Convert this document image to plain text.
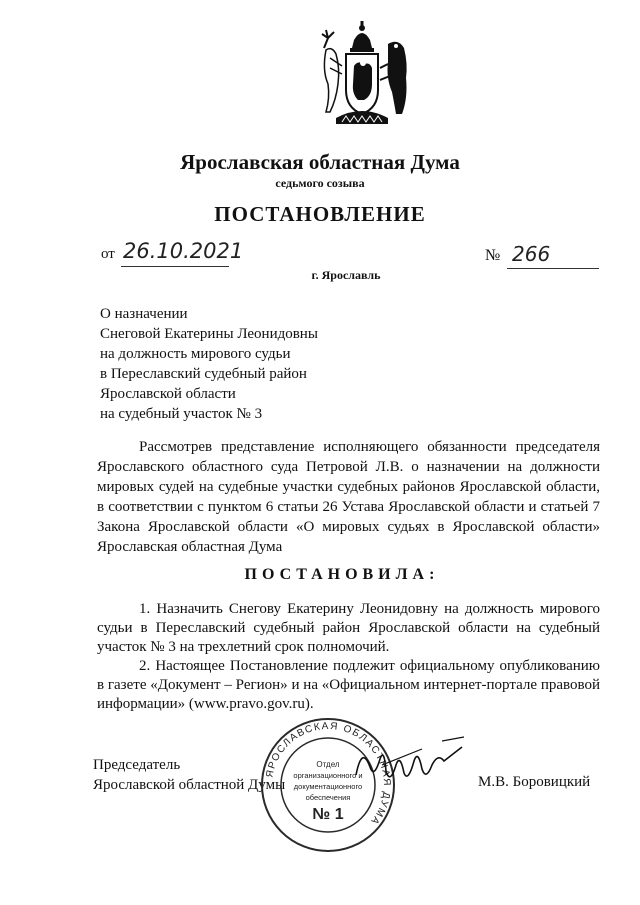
Ярославская областная Дума
седьмого созыва
ПОСТАНОВЛЕНИЕ
от 26.10.2021
г. Ярославль
№ 266
О назначении
Снеговой Екатерины Леонидовны
на должность мирового судьи
в Переславский судебный район
Ярославской области
на судебный участок № 3

Рассмотрев представление исполняющего обязанности председателя Ярославского областного суда Петровой Л.В. о назначении на должности мировых судей на судебные участки судебных районов Ярославской области, в соответствии с пунктом 6 статьи 26 Устава Ярославской области и статьей 7 Закона Ярославской области «О мировых судьях в Ярославской области» Ярославская областная Дума

ПОСТАНОВИЛА:

1. Назначить Снегову Екатерину Леонидовну на должность мирового судьи в Переславский судебный район Ярославской области на судебный участок № 3 на трехлетний срок полномочий.

2. Настоящее Постановление подлежит официальному опубликованию в газете «Документ – Регион» и на «Официальном интернет-портале правовой информации» (www.pravo.gov.ru).

Председатель
Ярославской областной Думы
ЯРОСЛАВСКАЯ ОБЛАСТНАЯ ДУМА
Отдел
организационного и
документационного
обеспечения
№ 1
М.В. Боровицкий
